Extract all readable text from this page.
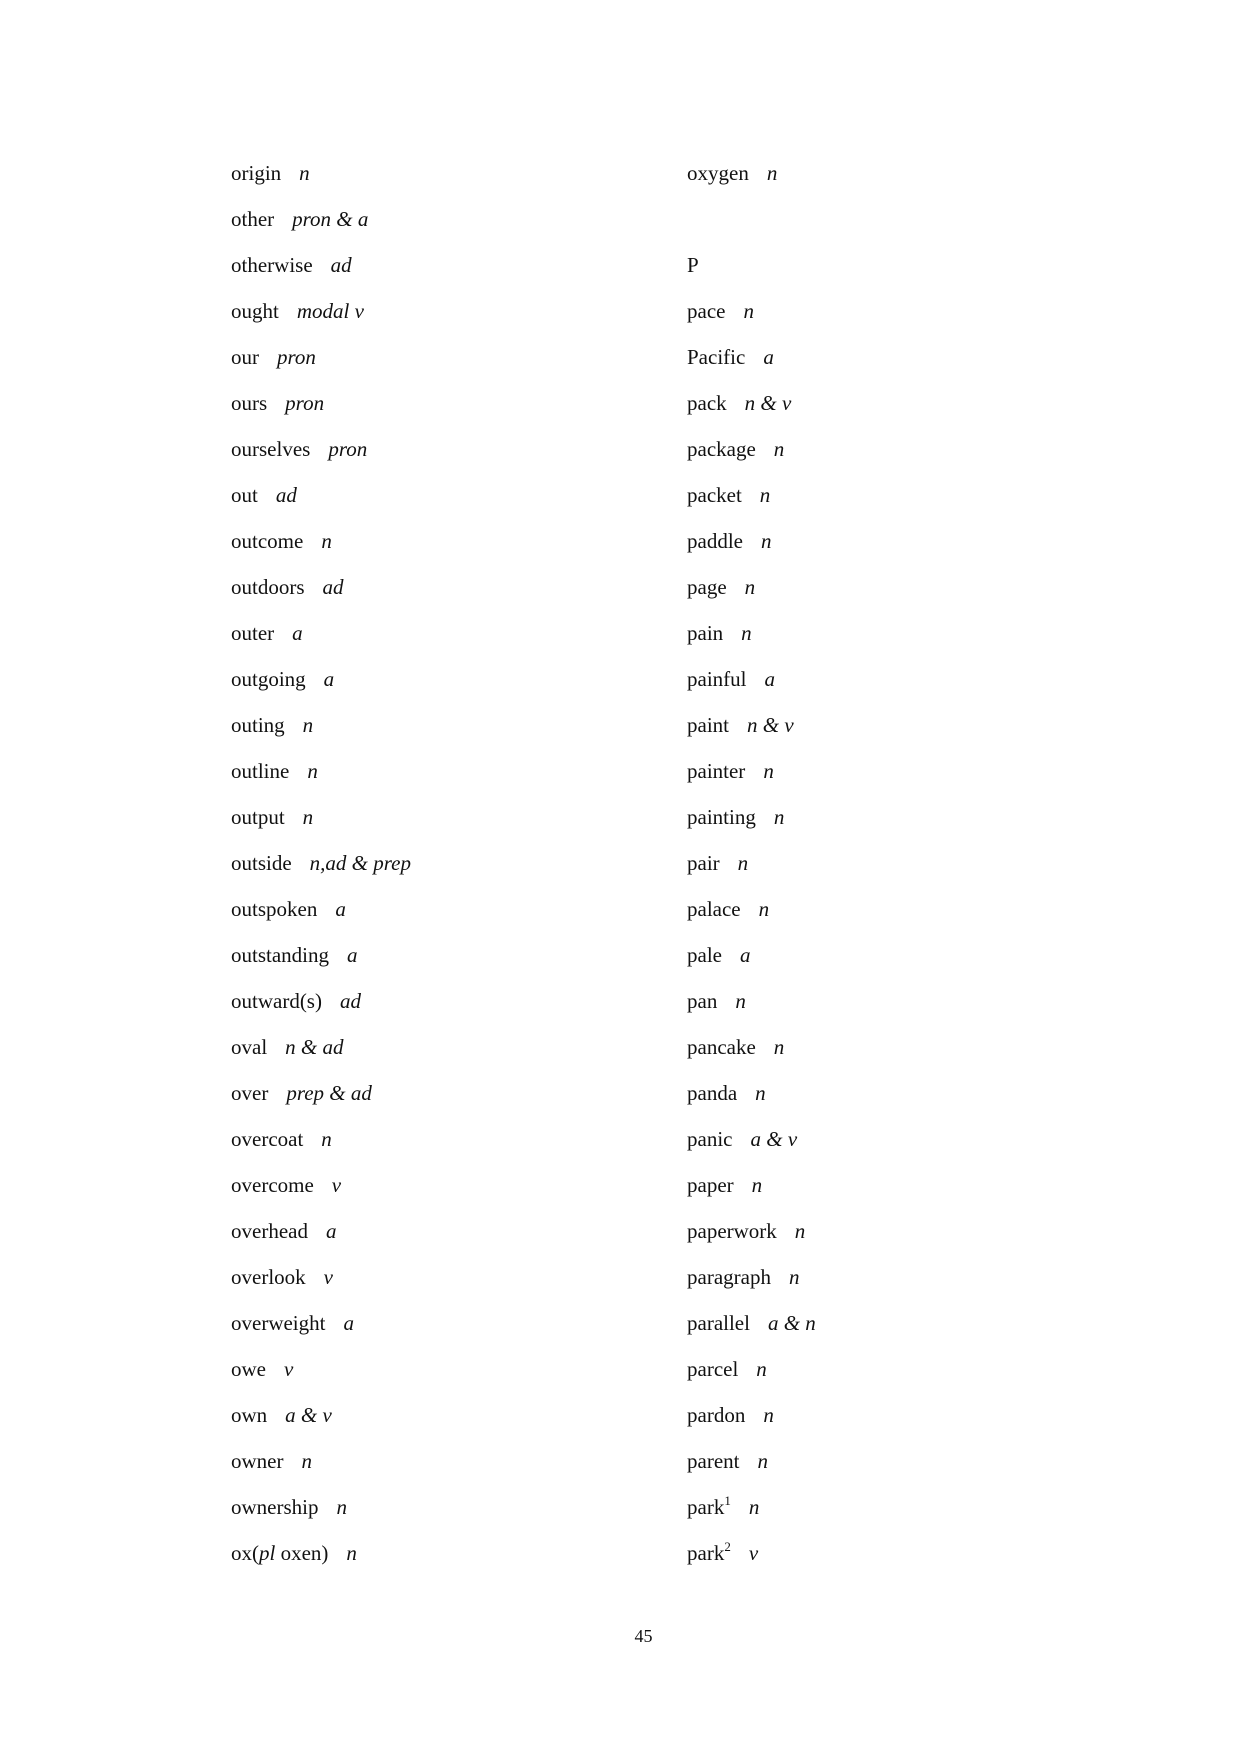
origin n
other pron & a
otherwise ad
ought modal v
our pron
ours pron
ourselves pron
out ad
outcome n
outdoors ad
outer a
outgoing a
outing n
outline n
output n
outside n,ad & prep
outspoken a
outstanding a
outward(s) ad
oval n & ad
over prep & ad
overcoat n
overcome v
overhead a
overlook v
overweight a
owe v
own a & v
owner n
ownership n
ox(pl oxen) n
oxygen n
P
pace n
Pacific a
pack n & v
package n
packet n
paddle n
page n
pain n
painful a
paint n & v
painter n
painting n
pair n
palace n
pale a
pan n
pancake n
panda n
panic a & v
paper n
paperwork n
paragraph n
parallel a & n
parcel n
pardon n
parent n
park$^1$ n
park$^2$ v
45
